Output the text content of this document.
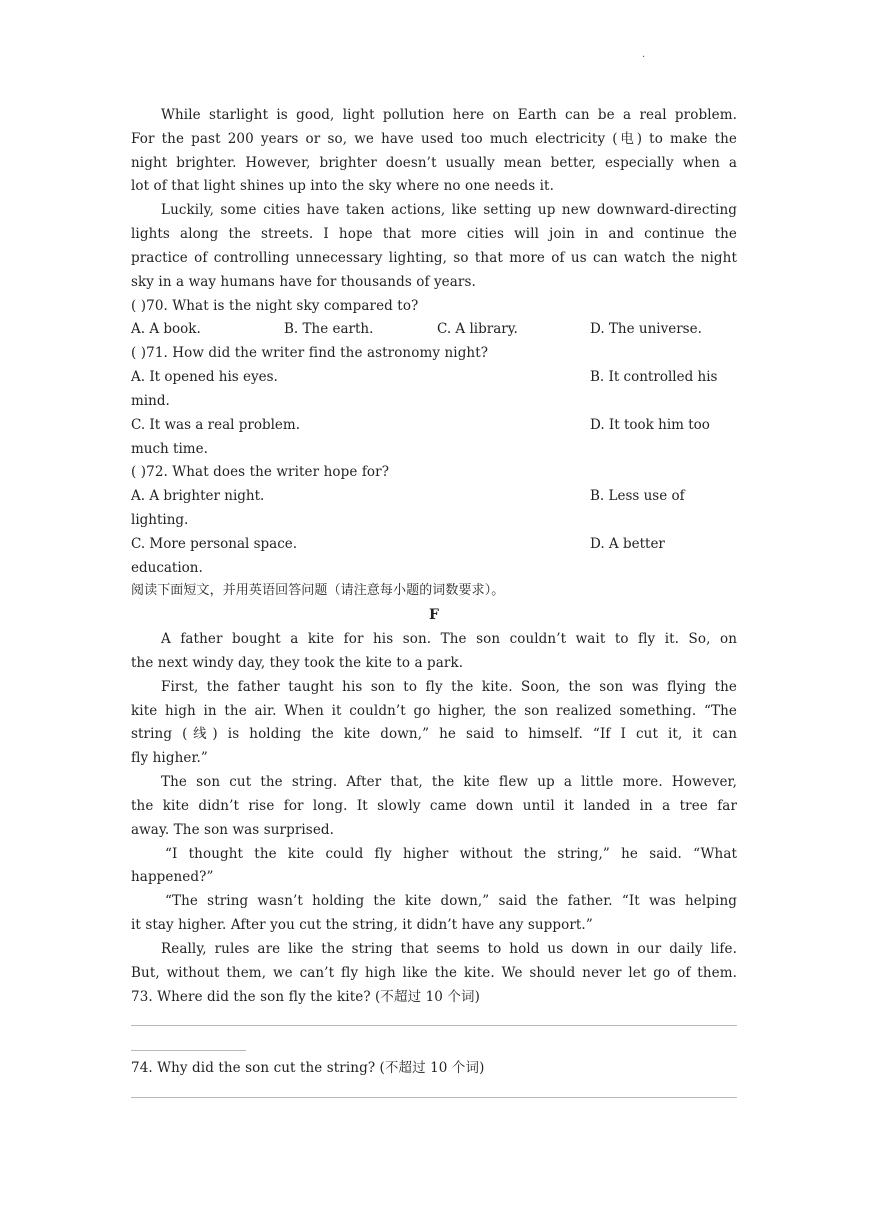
·
While starlight is good, light pollution here on Earth can be a real problem.
For the past 200 years or so, we have used too much electricity (电) to make the
night brighter. However, brighter doesn’t usually mean better, especially when a
lot of that light shines up into the sky where no one needs it.
Luckily, some cities have taken actions, like setting up new downward-directing
lights along the streets. I hope that more cities will join in and continue the
practice of controlling unnecessary lighting, so that more of us can watch the night
sky in a way humans have for thousands of years.
( )70. What is the night sky compared to?
A. A book.	B. The earth.	C. A library.	D. The universe.
( )71. How did the writer find the astronomy night?
A. It opened his eyes.	B. It controlled his
mind.
C. It was a real problem.	D. It took him too
much time.
( )72. What does the writer hope for?
A. A brighter night.	B. Less use of
lighting.
C. More personal space.	D. A better
education.
阅读下面短文，并用英语回答问题（请注意每小题的词数要求）。
F
A father bought a kite for his son. The son couldn’t wait to fly it. So, on
the next windy day, they took the kite to a park.
First, the father taught his son to fly the kite. Soon, the son was flying the
kite high in the air. When it couldn’t go higher, the son realized something. “The
string (线) is holding the kite down,” he said to himself. “If I cut it, it can
fly higher.”
The son cut the string. After that, the kite flew up a little more. However,
the kite didn’t rise for long. It slowly came down until it landed in a tree far
away. The son was surprised.
“I thought the kite could fly higher without the string,” he said. “What
happened?”
“The string wasn’t holding the kite down,” said the father. “It was helping
it stay higher. After you cut the string, it didn’t have any support.”
Really, rules are like the string that seems to hold us down in our daily life.
But, without them, we can’t fly high like the kite. We should never let go of them.
73. Where did the son fly the kite? (不超过 10 个词)
74. Why did the son cut the string? (不超过 10 个词)
